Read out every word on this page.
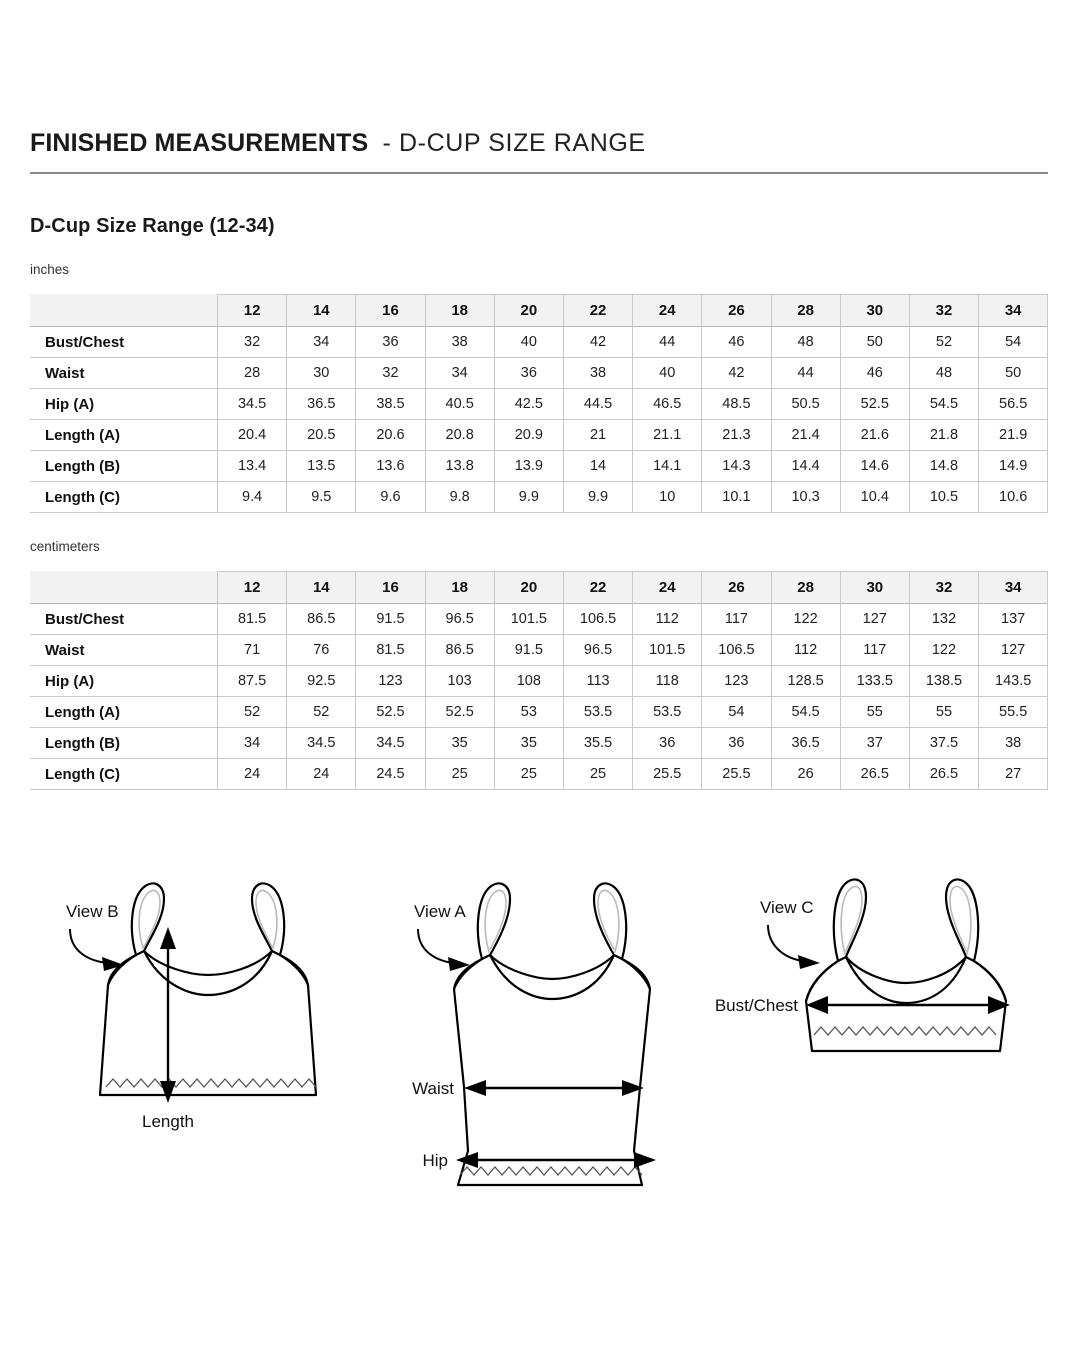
FINISHED MEASUREMENTS - D-CUP SIZE RANGE
D-Cup Size Range (12-34)
inches
	12	14	16	18	20	22	24	26	28	30	32	34
Bust/Chest	32	34	36	38	40	42	44	46	48	50	52	54
Waist	28	30	32	34	36	38	40	42	44	46	48	50
Hip (A)	34.5	36.5	38.5	40.5	42.5	44.5	46.5	48.5	50.5	52.5	54.5	56.5
Length (A)	20.4	20.5	20.6	20.8	20.9	21	21.1	21.3	21.4	21.6	21.8	21.9
Length (B)	13.4	13.5	13.6	13.8	13.9	14	14.1	14.3	14.4	14.6	14.8	14.9
Length (C)	9.4	9.5	9.6	9.8	9.9	9.9	10	10.1	10.3	10.4	10.5	10.6
centimeters
	12	14	16	18	20	22	24	26	28	30	32	34
Bust/Chest	81.5	86.5	91.5	96.5	101.5	106.5	112	117	122	127	132	137
Waist	71	76	81.5	86.5	91.5	96.5	101.5	106.5	112	117	122	127
Hip (A)	87.5	92.5	123	103	108	113	118	123	128.5	133.5	138.5	143.5
Length (A)	52	52	52.5	52.5	53	53.5	53.5	54	54.5	55	55	55.5
Length (B)	34	34.5	34.5	35	35	35.5	36	36	36.5	37	37.5	38
Length (C)	24	24	24.5	25	25	25	25.5	25.5	26	26.5	26.5	27
Length
View B
Waist
Hip
View A
Bust/Chest
View C
